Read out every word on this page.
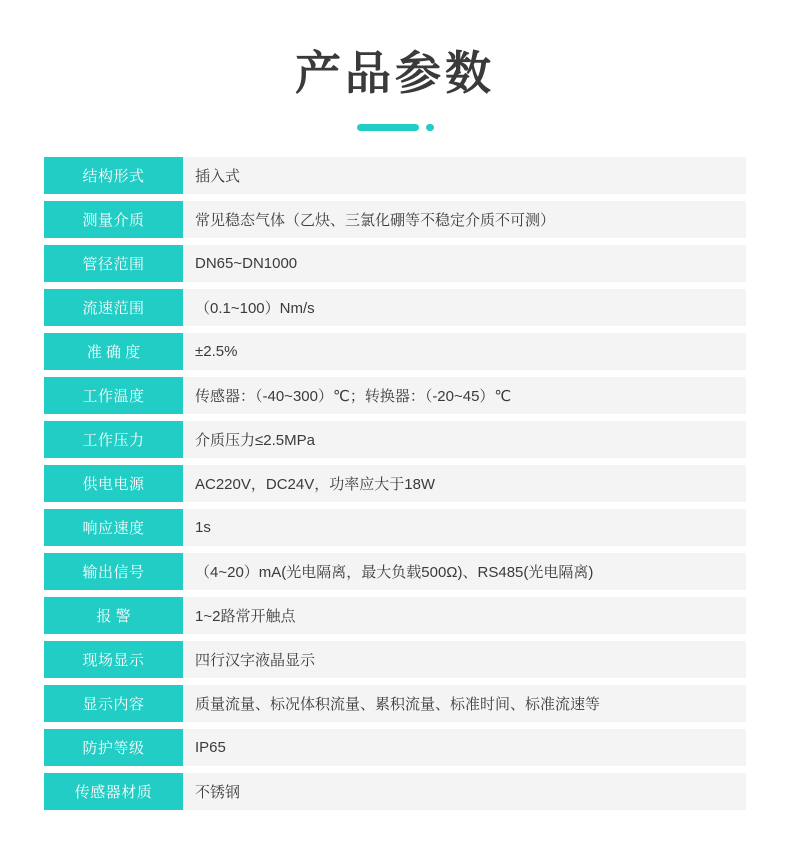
产品参数
结构形式	插入式
测量介质	常见稳态气体（乙炔、三氯化硼等不稳定介质不可测）
管径范围	DN65~DN1000
流速范围	（0.1~100）Nm/s
准 确 度	±2.5%
工作温度	传感器：（-40~300）℃；转换器：（-20~45）℃
工作压力	介质压力≤2.5MPa
供电电源	AC220V，DC24V，功率应大于18W
响应速度	1s
输出信号	（4~20）mA(光电隔离，最大负载500Ω)、RS485(光电隔离)
报 警	1~2路常开触点
现场显示	四行汉字液晶显示
显示内容	质量流量、标况体积流量、累积流量、标准时间、标准流速等
防护等级	IP65
传感器材质	不锈钢
